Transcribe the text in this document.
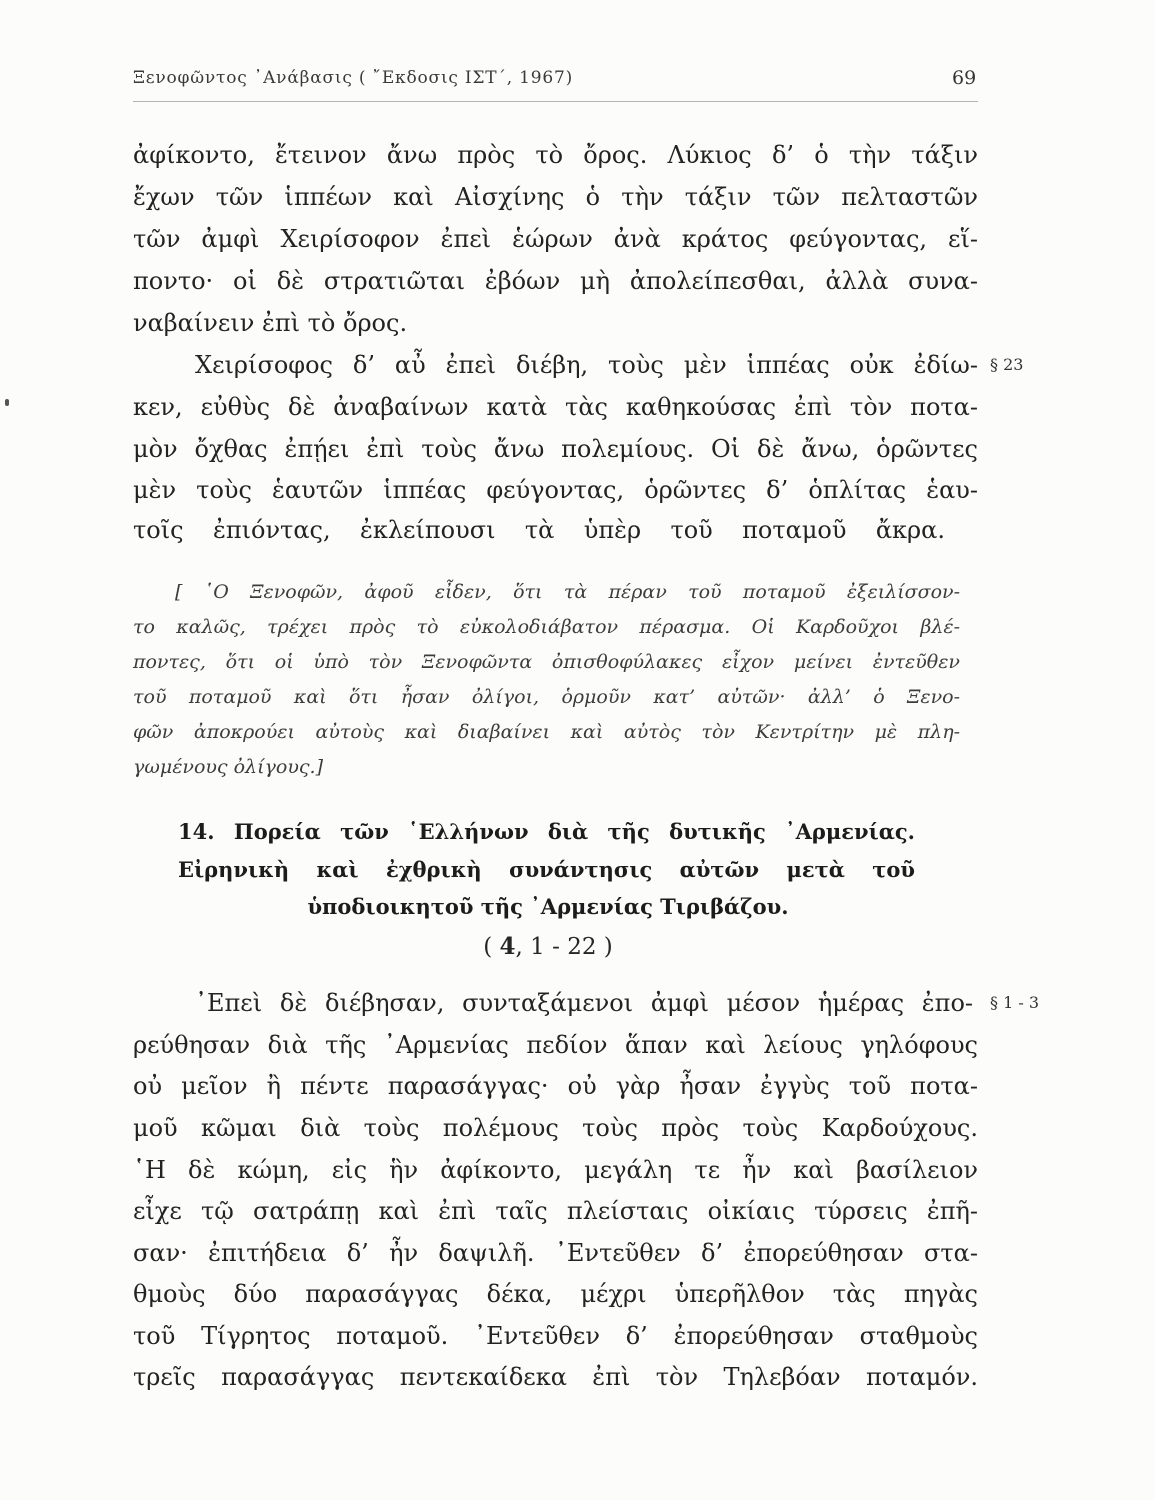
Ξενοφῶντος ᾿Ανάβασις ( ῎Εκδοσις ΙΣΤ΄, 1967)	69
ἀφίκοντο, ἔτεινον ἄνω πρὸς τὸ ὄρος. Λύκιος δ’ ὁ τὴν τάξιν
ἔχων τῶν ἱππέων καὶ Αἰσχίνης ὁ τὴν τάξιν τῶν πελταστῶν
τῶν ἀμφὶ Χειρίσοφον ἐπεὶ ἑώρων ἀνὰ κράτος φεύγοντας, εἵ-
ποντο· οἱ δὲ στρατιῶται ἐβόων μὴ ἀπολείπεσθαι, ἀλλὰ συνα-
ναβαίνειν ἐπὶ τὸ ὄρος.
§ 23
Χειρίσοφος δ’ αὖ ἐπεὶ διέβη, τοὺς μὲν ἱππέας οὐκ ἐδίω-
κεν, εὐθὺς δὲ ἀναβαίνων κατὰ τὰς καθηκούσας ἐπὶ τὸν ποτα-
μὸν ὄχθας ἐπῄει ἐπὶ τοὺς ἄνω πολεμίους. Οἱ δὲ ἄνω, ὁρῶντες
μὲν τοὺς ἑαυτῶν ἱππέας φεύγοντας, ὁρῶντες δ’ ὁπλίτας ἑαυ-
τοῖς ἐπιόντας, ἐκλείπουσι τὰ ὑπὲρ τοῦ ποταμοῦ ἄκρα.
[ ῾Ο Ξενοφῶν, ἀφοῦ εἶδεν, ὅτι τὰ πέραν τοῦ ποταμοῦ ἐξειλίσσον-
το καλῶς, τρέχει πρὸς τὸ εὐκολοδιάβατον πέρασμα. Οἱ Καρδοῦχοι βλέ-
ποντες, ὅτι οἱ ὑπὸ τὸν Ξενοφῶντα ὀπισθοφύλακες εἶχον μείνει ἐντεῦθεν
τοῦ ποταμοῦ καὶ ὅτι ἦσαν ὀλίγοι, ὁρμοῦν κατ’ αὐτῶν· ἀλλ’ ὁ Ξενο-
φῶν ἀποκρούει αὐτοὺς καὶ διαβαίνει καὶ αὐτὸς τὸν Κεντρίτην μὲ πλη-
γωμένους ὀλίγους.]
14. Πορεία τῶν ῾Ελλήνων διὰ τῆς δυτικῆς ᾿Αρμενίας.
Εἰρηνικὴ καὶ ἐχθρικὴ συνάντησις αὐτῶν μετὰ τοῦ
ὑποδιοικητοῦ τῆς ᾿Αρμενίας Τιριβάζου.
( 4, 1 - 22 )
§ 1 - 3
᾿Επεὶ δὲ διέβησαν, συνταξάμενοι ἀμφὶ μέσον ἡμέρας ἐπο-
ρεύθησαν διὰ τῆς ᾿Αρμενίας πεδίον ἅπαν καὶ λείους γηλόφους
οὐ μεῖον ἢ πέντε παρασάγγας· οὐ γὰρ ἦσαν ἐγγὺς τοῦ ποτα-
μοῦ κῶμαι διὰ τοὺς πολέμους τοὺς πρὸς τοὺς Καρδούχους.
῾Η δὲ κώμη, εἰς ἣν ἀφίκοντο, μεγάλη τε ἦν καὶ βασίλειον
εἶχε τῷ σατράπῃ καὶ ἐπὶ ταῖς πλείσταις οἰκίαις τύρσεις ἐπῆ-
σαν· ἐπιτήδεια δ’ ἦν δαψιλῆ. ᾿Εντεῦθεν δ’ ἐπορεύθησαν στα-
θμοὺς δύο παρασάγγας δέκα, μέχρι ὑπερῆλθον τὰς πηγὰς
τοῦ Τίγρητος ποταμοῦ. ᾿Εντεῦθεν δ’ ἐπορεύθησαν σταθμοὺς
τρεῖς παρασάγγας πεντεκαίδεκα ἐπὶ τὸν Τηλεβόαν ποταμόν.
